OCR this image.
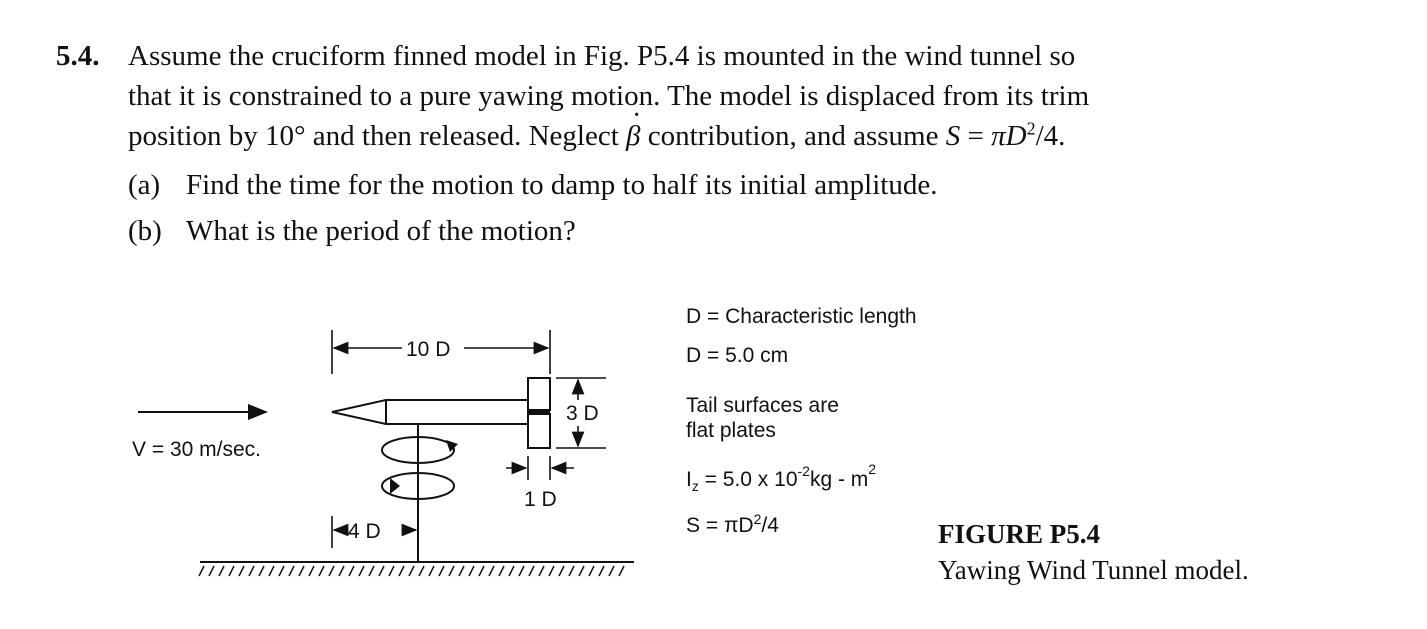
5.4. Assume the cruciform finned model in Fig. P5.4 is mounted in the wind tunnel so

that it is constrained to a pure yawing motion. The model is displaced from its trim

position by 10° and then released. Neglect · β contribution, and assume $S = \pi D^2/4$.

(a) Find the time for the motion to damp to half its initial amplitude.
(b) What is the period of the motion?
10 D
3 D
1 D
4 D
V = 30 m/sec.
D = Characteristic length
D = 5.0 cm
Tail surfaces are
flat plates
$I_z = 5.0$ x $10^{-2}kg - m^2$
$S = \pi D^2/4$	FIGURE P5.4
Yawing Wind Tunnel model.
